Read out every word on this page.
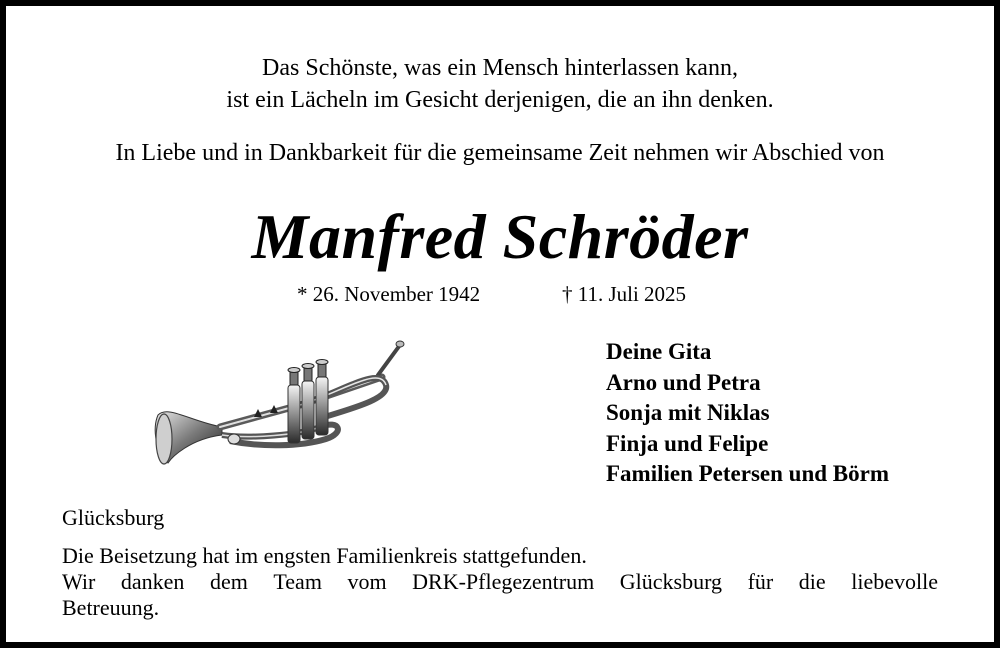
Das Schönste, was ein Mensch hinterlassen kann,
ist ein Lächeln im Gesicht derjenigen, die an ihn denken.
In Liebe und in Dankbarkeit für die gemeinsame Zeit nehmen wir Abschied von
Manfred Schröder
* 26. November 1942	† 11. Juli 2025
Deine Gita
Arno und Petra
Sonja mit Niklas
Finja und Felipe
Familien Petersen und Börm
Glücksburg
Die Beisetzung hat im engsten Familienkreis stattgefunden.
Wir danken dem Team vom DRK-Pflegezentrum Glücksburg für die liebevolle
Betreuung.
